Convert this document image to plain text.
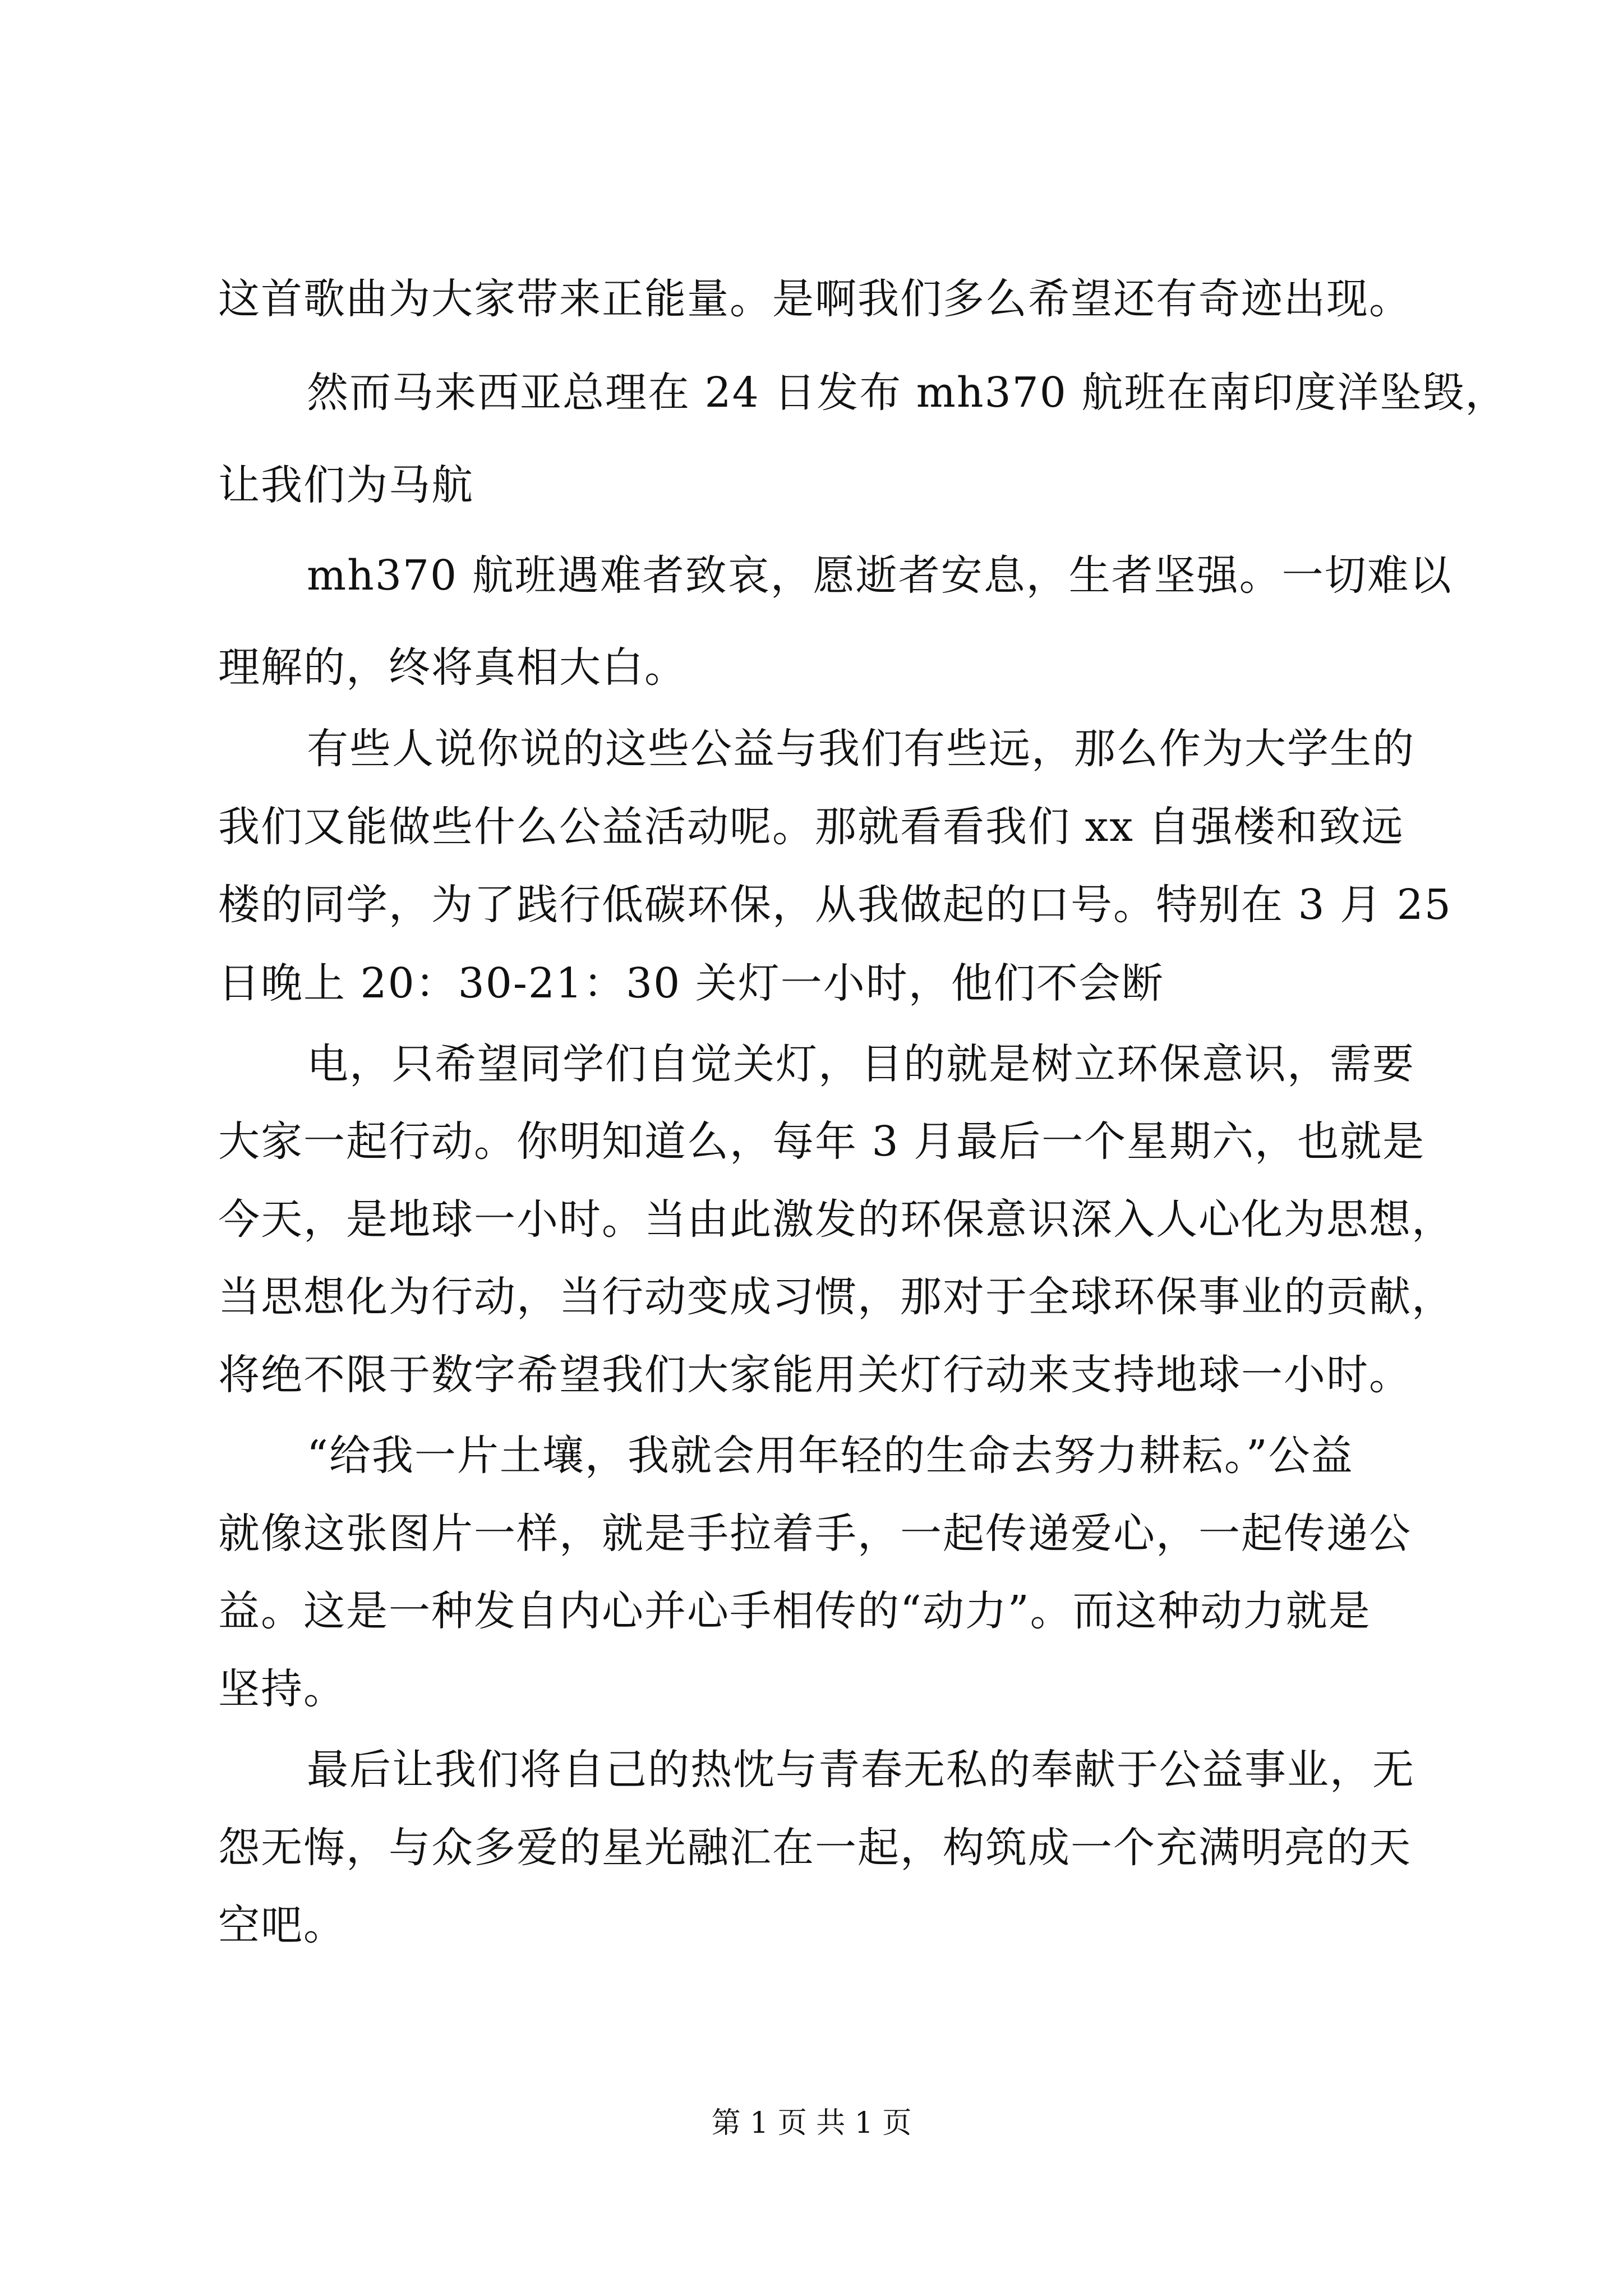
这首歌曲为大家带来正能量。是啊我们多么希望还有奇迹出现。
然而马来西亚总理在 24 日发布 mh370 航班在南印度洋坠毁，
让我们为马航
mh370 航班遇难者致哀，愿逝者安息，生者坚强。一切难以
理解的，终将真相大白。
有些人说你说的这些公益与我们有些远，那么作为大学生的
我们又能做些什么公益活动呢。那就看看我们 xx 自强楼和致远
楼的同学，为了践行低碳环保，从我做起的口号。特别在 3 月 25
日晚上 20：30-21：30 关灯一小时，他们不会断
电，只希望同学们自觉关灯，目的就是树立环保意识，需要
大家一起行动。你明知道么，每年 3 月最后一个星期六，也就是
今天，是地球一小时。当由此激发的环保意识深入人心化为思想，
当思想化为行动，当行动变成习惯，那对于全球环保事业的贡献，
将绝不限于数字希望我们大家能用关灯行动来支持地球一小时。
“给我一片土壤，我就会用年轻的生命去努力耕耘。”公益
就像这张图片一样，就是手拉着手，一起传递爱心，一起传递公
益。这是一种发自内心并心手相传的“动力”。而这种动力就是
坚持。
最后让我们将自己的热忱与青春无私的奉献于公益事业，无
怨无悔，与众多爱的星光融汇在一起，构筑成一个充满明亮的天
空吧。
第 1 页 共 1 页
